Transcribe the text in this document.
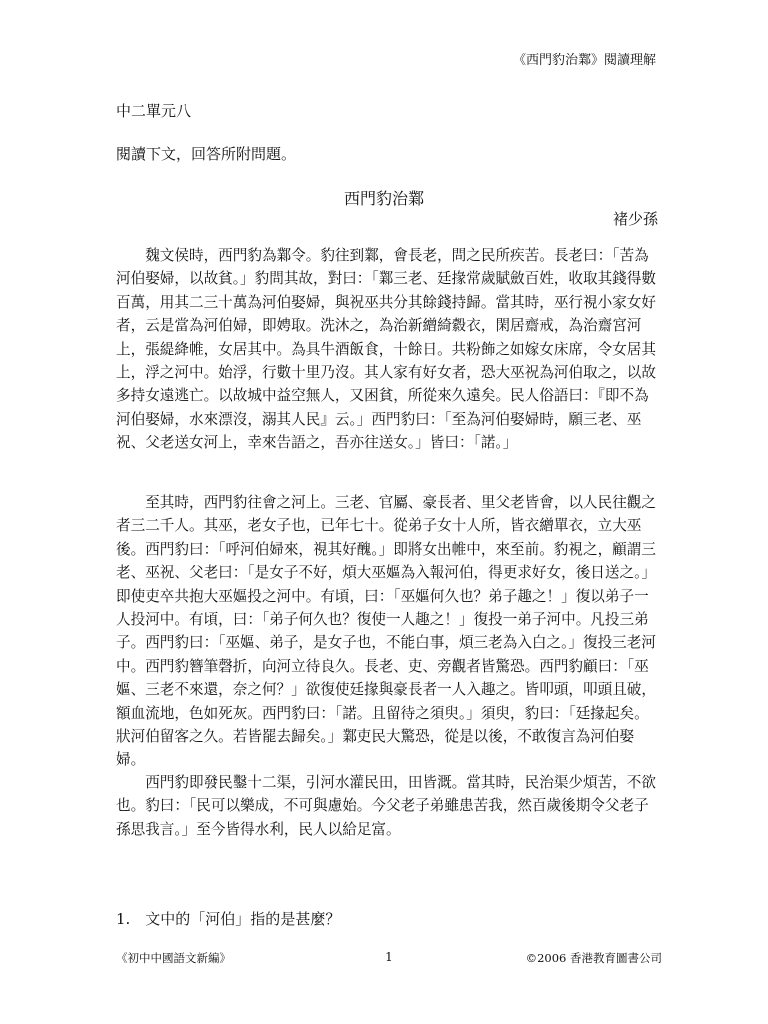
《西門豹治鄴》閱讀理解
中二單元八
閱讀下文，回答所附問題。
西門豹治鄴
褚少孫

　　魏文侯時，西門豹為鄴令。豹往到鄴，會長老，問之民所疾苦。長老曰：「苦為河伯娶婦，以故貧。」豹問其故，對曰：「鄴三老、廷掾常歲賦斂百姓，收取其錢得數百萬，用其二三十萬為河伯娶婦，與祝巫共分其餘錢持歸。當其時，巫行視小家女好者，云是當為河伯婦，即娉取。洗沐之，為治新繒綺縠衣，閑居齋戒，為治齋宮河上，張緹絳帷，女居其中。為具牛酒飯食，十餘日。共粉飾之如嫁女床席，令女居其上，浮之河中。始浮，行數十里乃沒。其人家有好女者，恐大巫祝為河伯取之，以故多持女遠逃亡。以故城中益空無人，又困貧，所從來久遠矣。民人俗語曰：『即不為河伯娶婦，水來漂沒，溺其人民』云。」西門豹曰：「至為河伯娶婦時，願三老、巫祝、父老送女河上，幸來告語之，吾亦往送女。」皆曰：「諾。」

　　至其時，西門豹往會之河上。三老、官屬、豪長者、里父老皆會，以人民往觀之者三二千人。其巫，老女子也，已年七十。從弟子女十人所，皆衣繒單衣，立大巫後。西門豹曰：「呼河伯婦來，視其好醜。」即將女出帷中，來至前。豹視之，顧謂三老、巫祝、父老曰：「是女子不好，煩大巫嫗為入報河伯，得更求好女，後日送之。」即使吏卒共抱大巫嫗投之河中。有頃，曰：「巫嫗何久也？弟子趣之！」復以弟子一人投河中。有頃，曰：「弟子何久也？復使一人趣之！」復投一弟子河中。凡投三弟子。西門豹曰：「巫嫗、弟子，是女子也，不能白事，煩三老為入白之。」復投三老河中。西門豹簪筆磬折，向河立待良久。長老、吏、旁觀者皆驚恐。西門豹顧曰：「巫嫗、三老不來還，奈之何？」欲復使廷掾與豪長者一人入趣之。皆叩頭，叩頭且破，額血流地，色如死灰。西門豹曰：「諾。且留待之須臾。」須臾，豹曰：「廷掾起矣。狀河伯留客之久。若皆罷去歸矣。」鄴吏民大驚恐，從是以後，不敢復言為河伯娶婦。

　　西門豹即發民鑿十二渠，引河水灌民田，田皆溉。當其時，民治渠少煩苦，不欲也。豹曰：「民可以樂成，不可與慮始。今父老子弟雖患苦我，然百歲後期令父老子孫思我言。」至今皆得水利，民人以給足富。

1.　文中的「河伯」指的是甚麼？
《初中中國語文新編》	1	©2006 香港教育圖書公司
